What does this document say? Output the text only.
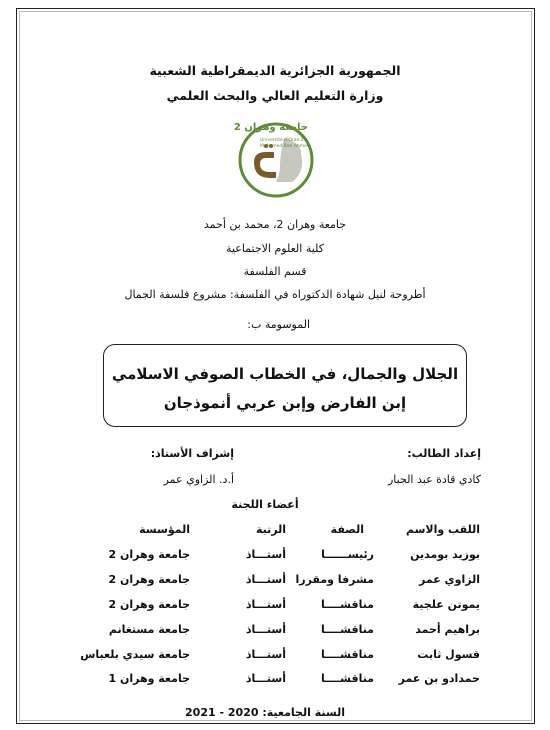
الجمهورية الجزائرية الديمقراطية الشعبية
وزارة التعليم العالي والبحث العلمي
جامعة وهران 2
Université d'Oran 2
Mohamed Ben Ahmed
جامعة وهران 2، محمد بن أحمد
كلية العلوم الاجتماعية
قسم الفلسفة
أطروحة لنيل شهادة الدكتوراه في الفلسفة: مشروع فلسفة الجمال
الموسومة ب:
الجلال والجمال، في الخطاب الصوفي الاسلامي
إبن الفارض وإبن عربي أنموذجان
إعداد الطالب:
إشراف الأستاذ:
كادي قادة عبد الجبار
أ.د. الزاوي عمر
أعضاء اللجنة
اللقب والاسم
الصفة
الرتبة
المؤسسة
بوزيد بومدين
رئيســــــا
أستـــاذ
جامعة وهران 2
الزاوي عمر
مشرفا ومقررا
أستـــاذ
جامعة وهران 2
يموتن علجية
مناقشــــا
أستـــاذ
جامعة وهران 2
براهيم أحمد
مناقشــــا
أستـــاذ
جامعة مستغانم
قسول ثابت
مناقشــــا
أستـــاذ
جامعة سيدي بلعباس
حمدادو بن عمر
مناقشــــا
أستـــاذ
جامعة وهران 1
السنة الجامعية: 2020 - 2021
